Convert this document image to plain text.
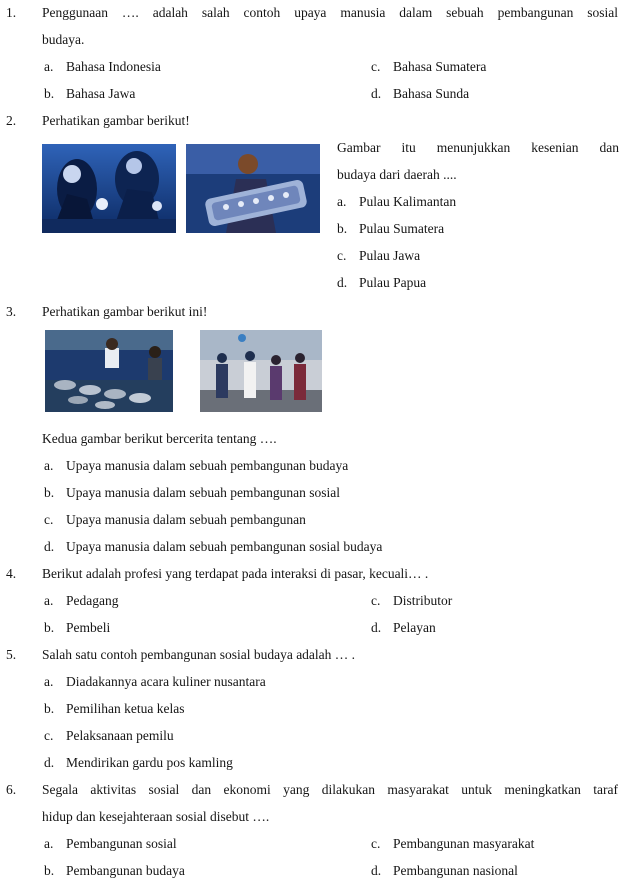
1. Penggunaan …. adalah salah contoh upaya manusia dalam sebuah pembangunan sosial
budaya.
a. Bahasa Indonesia	c. Bahasa Sumatera
b. Bahasa Jawa	d. Bahasa Sunda
2. Perhatikan gambar berikut!
Gambar itu menunjukkan kesenian dan
budaya dari daerah ....
a. Pulau Kalimantan
b. Pulau Sumatera
c. Pulau Jawa
d. Pulau Papua
3. Perhatikan gambar berikut ini!
Kedua gambar berikut bercerita tentang ….
a. Upaya manusia dalam sebuah pembangunan budaya
b. Upaya manusia dalam sebuah pembangunan sosial
c. Upaya manusia dalam sebuah pembangunan
d. Upaya manusia dalam sebuah pembangunan sosial budaya
4. Berikut adalah profesi yang terdapat pada interaksi di pasar, kecuali… .
a. Pedagang	c. Distributor
b. Pembeli	d. Pelayan
5. Salah satu contoh pembangunan sosial budaya adalah … .
a. Diadakannya acara kuliner nusantara
b. Pemilihan ketua kelas
c. Pelaksanaan pemilu
d. Mendirikan gardu pos kamling
6. Segala aktivitas sosial dan ekonomi yang dilakukan masyarakat untuk meningkatkan taraf
hidup dan kesejahteraan sosial disebut ….
a. Pembangunan sosial	c. Pembangunan masyarakat
b. Pembangunan budaya	d. Pembangunan nasional
